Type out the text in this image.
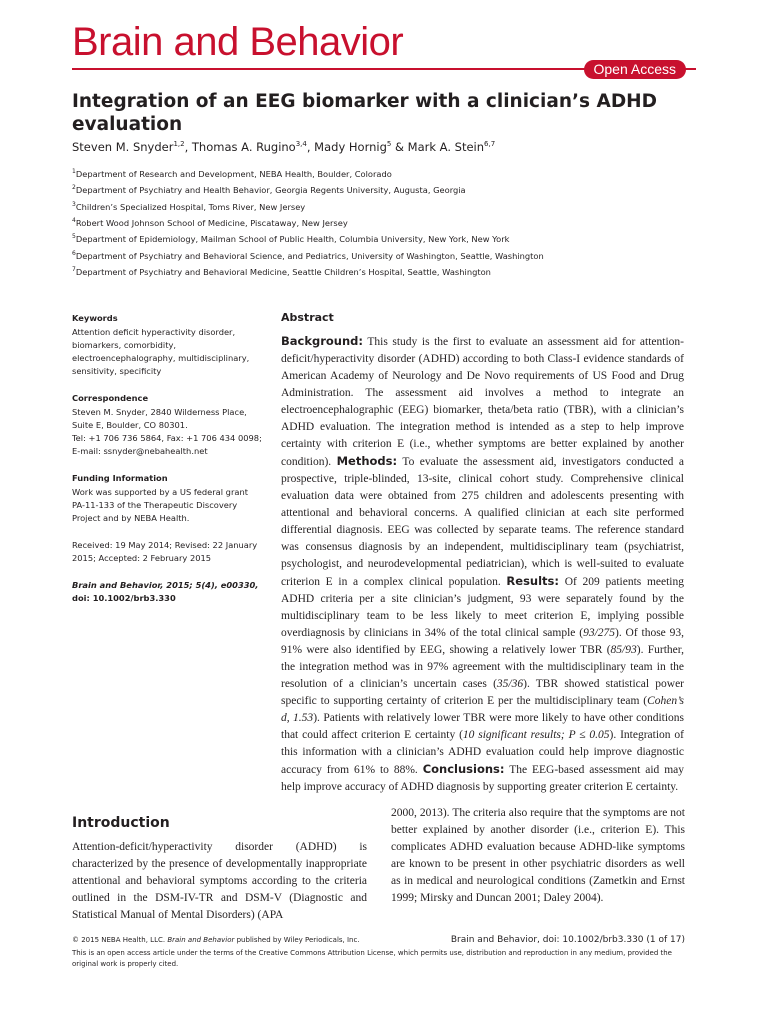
Brain and Behavior
Open Access
Integration of an EEG biomarker with a clinician’s ADHD evaluation
Steven M. Snyder$^{1,2}$, Thomas A. Rugino$^{3,4}$, Mady Hornig$^5$ & Mark A. Stein$^{6,7}$
$^1$Department of Research and Development, NEBA Health, Boulder, Colorado
$^2$Department of Psychiatry and Health Behavior, Georgia Regents University, Augusta, Georgia
$^3$Children’s Specialized Hospital, Toms River, New Jersey
$^4$Robert Wood Johnson School of Medicine, Piscataway, New Jersey
$^5$Department of Epidemiology, Mailman School of Public Health, Columbia University, New York, New York
$^6$Department of Psychiatry and Behavioral Science, and Pediatrics, University of Washington, Seattle, Washington
$^7$Department of Psychiatry and Behavioral Medicine, Seattle Children’s Hospital, Seattle, Washington
Keywords
Attention deficit hyperactivity disorder,
biomarkers, comorbidity,
electroencephalography, multidisciplinary,
sensitivity, specificity
Correspondence
Steven M. Snyder, 2840 Wilderness Place,
Suite E, Boulder, CO 80301.
Tel: +1 706 736 5864, Fax: +1 706 434 0098;
E-mail: ssnyder@nebahealth.net
Funding Information
Work was supported by a US federal grant
PA-11-133 of the Therapeutic Discovery
Project and by NEBA Health.
Received: 19 May 2014; Revised: 22 January
2015; Accepted: 2 February 2015
Brain and Behavior, 2015; 5(4), e00330,
doi: 10.1002/brb3.330
Abstract

Background: This study is the first to evaluate an assessment aid for attention-deficit/hyperactivity disorder (ADHD) according to both Class-I evidence standards of American Academy of Neurology and De Novo requirements of US Food and Drug Administration. The assessment aid involves a method to integrate an electroencephalographic (EEG) biomarker, theta/beta ratio (TBR), with a clinician’s ADHD evaluation. The integration method is intended as a step to help improve certainty with criterion E (i.e., whether symptoms are better explained by another condition). Methods: To evaluate the assessment aid, investigators conducted a prospective, triple-blinded, 13-site, clinical cohort study. Comprehensive clinical evaluation data were obtained from 275 children and adolescents presenting with attentional and behavioral concerns. A qualified clinician at each site performed differential diagnosis. EEG was collected by separate teams. The reference standard was consensus diagnosis by an independent, multidisciplinary team (psychiatrist, psychologist, and neurodevelopmental pediatrician), which is well-suited to evaluate criterion E in a complex clinical population. Results: Of 209 patients meeting ADHD criteria per a site clinician’s judgment, 93 were separately found by the multidisciplinary team to be less likely to meet criterion E, implying possible overdiagnosis by clinicians in 34% of the total clinical sample (93/275). Of those 93, 91% were also identified by EEG, showing a relatively lower TBR (85/93). Further, the integration method was in 97% agreement with the multidisciplinary team in the resolution of a clinician’s uncertain cases (35/36). TBR showed statistical power specific to supporting certainty of criterion E per the multidisciplinary team (Cohen’s d, 1.53). Patients with relatively lower TBR were more likely to have other conditions that could affect criterion E certainty (10 significant results; P ≤ 0.05). Integration of this information with a clinician’s ADHD evaluation could help improve diagnostic accuracy from 61% to 88%. Conclusions: The EEG-based assessment aid may help improve accuracy of ADHD diagnosis by supporting greater criterion E certainty.

Introduction

Attention-deficit/hyperactivity disorder (ADHD) is characterized by the presence of developmentally inappropriate attentional and behavioral symptoms according to the criteria outlined in the DSM-IV-TR and DSM-V (Diagnostic and Statistical Manual of Mental Disorders) (APA

2000, 2013). The criteria also require that the symptoms are not better explained by another disorder (i.e., criterion E). This complicates ADHD evaluation because ADHD-like symptoms are known to be present in other psychiatric disorders as well as in medical and neurological conditions (Zametkin and Ernst 1999; Mirsky and Duncan 2001; Daley 2004).

© 2015 NEBA Health, LLC. Brain and Behavior published by Wiley Periodicals, Inc.	Brain and Behavior, doi: 10.1002/brb3.330 (1 of 17)

This is an open access article under the terms of the Creative Commons Attribution License, which permits use, distribution and reproduction in any medium, provided the original work is properly cited.
